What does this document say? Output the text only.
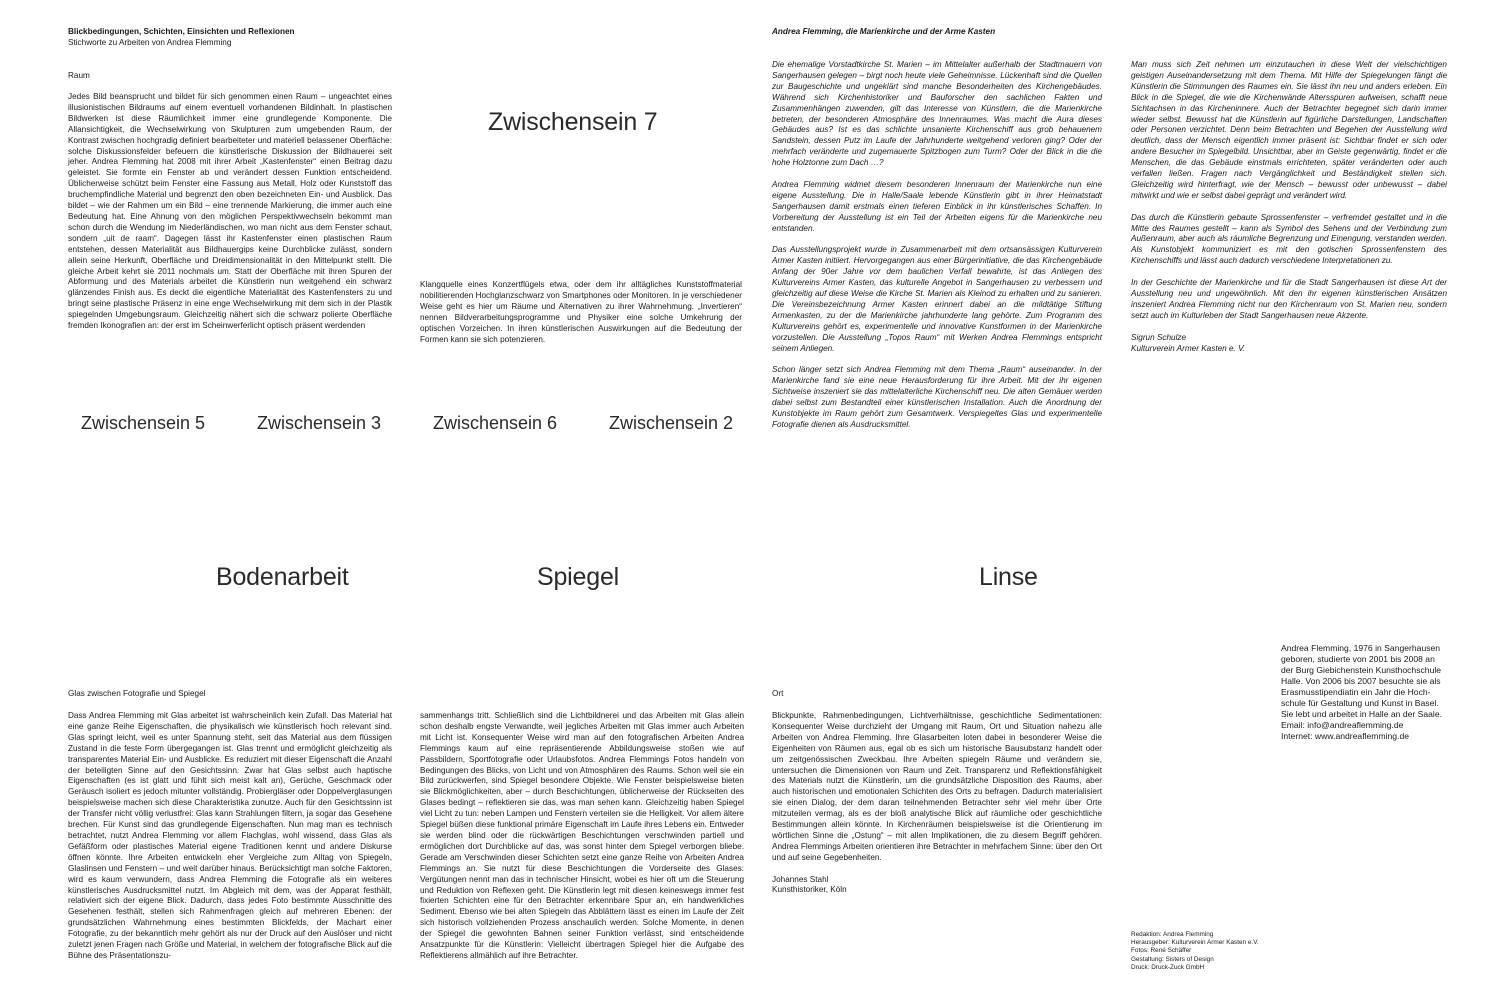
Blickbedingungen, Schichten, Einsichten und Reflexionen
Stichworte zu Arbeiten von Andrea Flemming
Raum
Jedes Bild beansprucht und bildet für sich genommen einen Raum – ungeachtet eines illusionistischen Bildraums auf einem eventuell vorhandenen Bildinhalt. In plastischen Bildwerken ist diese Räumlichkeit immer eine grundlegende Komponente. Die Allansichtigkeit, die Wechselwirkung von Skulpturen zum umgebenden Raum, der Kontrast zwischen hochgradig definiert bearbeiteter und materiell belassener Oberfläche: solche Diskussionsfelder befeuern die künstlerische Diskussion der Bildhauerei seit jeher. Andrea Flemming hat 2008 mit ihrer Arbeit „Kastenfenster“ einen Beitrag dazu geleistet. Sie formte ein Fenster ab und verändert dessen Funktion entscheidend. Üblicherweise schützt beim Fenster eine Fassung aus Metall, Holz oder Kunststoff das bruchempfindliche Material und begrenzt den oben bezeichneten Ein- und Ausblick. Das bildet – wie der Rahmen um ein Bild – eine trennende Markierung, die immer auch eine Bedeutung hat. Eine Ahnung von den möglichen Perspektivwechseln bekommt man schon durch die Wendung im Niederländischen, wo man nicht aus dem Fenster schaut, sondern „uit de raam“. Dagegen lässt ihr Kastenfenster einen plastischen Raum entstehen, dessen Materialität aus Bildhauergips keine Durchblicke zulässt, sondern allein seine Herkunft, Oberfläche und Dreidimensionalität in den Mittelpunkt stellt. Die gleiche Arbeit kehrt sie 2011 nochmals um. Statt der Oberfläche mit ihren Spuren der Abformung und des Materials arbeitet die Künstlerin nun weitgehend ein schwarz glänzendes Finish aus. Es deckt die eigentliche Materialität des Kastenfensters zu und bringt seine plastische Präsenz in eine enge Wechselwirkung mit dem sich in der Plastik spiegelnden Umgebungsraum. Gleichzeitig nähert sich die schwarz polierte Oberfläche fremden Ikonografien an: der erst im Scheinwerferlicht optisch präsent werdenden
Zwischensein 7
Klangquelle eines Konzertflügels etwa, oder dem ihr alltägliches Kunststoffmaterial nobilitierenden Hochglanzschwarz von Smartphones oder Monitoren. In je verschiedener Weise geht es hier um Räume und Alternativen zu ihrer Wahrnehmung. „Invertieren“ nennen Bildverarbeitungsprogramme und Physiker eine solche Umkehrung der optischen Vorzeichen. In ihren künstlerischen Auswirkungen auf die Bedeutung der Formen kann sie sich potenzieren.
Zwischensein 5	Zwischensein 3	Zwischensein 6	Zwischensein 2
Andrea Flemming, die Marienkirche und der Arme Kasten

Die ehemalige Vorstadtkirche St. Marien – im Mittelalter außerhalb der Stadtmauern von Sangerhausen gelegen – birgt noch heute viele Geheimnisse. Lückenhaft sind die Quellen zur Baugeschichte und ungeklärt sind manche Besonderheiten des Kirchengebäudes. Während sich Kirchenhistoriker und Bauforscher den sachlichen Fakten und Zusammenhängen zuwenden, gilt das Interesse von Künstlern, die die Marienkirche betreten, der besonderen Atmosphäre des Innenraumes. Was macht die Aura dieses Gebäudes aus? Ist es das schlichte unsanierte Kirchenschiff aus grob behauenem Sandstein, dessen Putz im Laufe der Jahrhunderte weitgehend verloren ging? Oder der mehrfach veränderte und zugemauerte Spitzbogen zum Turm? Oder der Blick in die die hohe Holztonne zum Dach …?

Andrea Flemming widmet diesem besonderen Innenraum der Marienkirche nun eine eigene Ausstellung. Die in Halle/Saale lebende Künstlerin gibt in ihrer Heimatstadt Sangerhausen damit erstmals einen tieferen Einblick in ihr künstlerisches Schaffen. In Vorbereitung der Ausstellung ist ein Teil der Arbeiten eigens für die Marienkirche neu entstanden.

Das Ausstellungsprojekt wurde in Zusammenarbeit mit dem ortsansässigen Kulturverein Armer Kasten initiiert. Hervorgegangen aus einer Bürgerinitiative, die das Kirchengebäude Anfang der 90er Jahre vor dem baulichen Verfall bewahrte, ist das Anliegen des Kulturvereins Armer Kasten, das kulturelle Angebot in Sangerhausen zu verbessern und gleichzeitig auf diese Weise die Kirche St. Marien als Kleinod zu erhalten und zu sanieren. Die Vereinsbezeichnung Armer Kasten erinnert dabei an die mildtätige Stiftung Armenkasten, zu der die Marienkirche jahrhunderte lang gehörte. Zum Programm des Kulturvereins gehört es, experimentelle und innovative Kunstformen in der Marienkirche vorzustellen. Die Ausstellung „Topos Raum“ mit Werken Andrea Flemmings entspricht seinem Anliegen.

Schon länger setzt sich Andrea Flemming mit dem Thema „Raum“ auseinander. In der Marienkirche fand sie eine neue Herausforderung für ihre Arbeit. Mit der ihr eigenen Sichtweise inszeniert sie das mittelalterliche Kirchenschiff neu. Die alten Gemäuer werden dabei selbst zum Bestandteil einer künstlerischen Installation. Auch die Anordnung der Kunstobjekte im Raum gehört zum Gesamtwerk. Verspiegeltes Glas und experimentelle Fotografie dienen als Ausdrucksmittel.

Man muss sich Zeit nehmen um einzutauchen in diese Welt der vielschichtigen geistigen Auseinandersetzung mit dem Thema. Mit Hilfe der Spiegelungen fängt die Künstlerin die Stimmungen des Raumes ein. Sie lässt ihn neu und anders erleben. Ein Blick in die Spiegel, die wie die Kirchenwände Altersspuren aufweisen, schafft neue Sichtachsen in das Kircheninnere. Auch der Betrachter begegnet sich darin immer wieder selbst. Bewusst hat die Künstlerin auf figürliche Darstellungen, Landschaften oder Personen verzichtet. Denn beim Betrachten und Begehen der Ausstellung wird deutlich, dass der Mensch eigentlich immer präsent ist: Sichtbar findet er sich oder andere Besucher im Spiegelbild. Unsichtbar, aber im Geiste gegenwärtig, findet er die Menschen, die das Gebäude einstmals errichteten, später veränderten oder auch verfallen ließen. Fragen nach Vergänglichkeit und Beständigkeit stellen sich. Gleichzeitig wird hinterfragt, wie der Mensch – bewusst oder unbewusst – dabei mitwirkt und wie er selbst dabei geprägt und verändert wird.

Das durch die Künstlerin gebaute Sprossenfenster – verfremdet gestaltet und in die Mitte des Raumes gestellt – kann als Symbol des Sehens und der Verbindung zum Außenraum, aber auch als räumliche Begrenzung und Einengung, verstanden werden. Als Kunstobjekt kommuniziert es mit den gotischen Sprossenfenstern des Kirchenschiffs und lässt auch dadurch verschiedene Interpretationen zu.

In der Geschichte der Marienkirche und für die Stadt Sangerhausen ist diese Art der Ausstellung neu und ungewöhnlich. Mit den ihr eigenen künstlerischen Ansätzen inszeniert Andrea Flemming nicht nur den Kirchenraum von St. Marien neu, sondern setzt auch im Kulturleben der Stadt Sangerhausen neue Akzente.

Sigrun Schulze
Kulturverein Armer Kasten e. V.

Bodenarbeit	Spiegel	Linse
Andrea Flemming, 1976 in Sangerhausen
geboren, studierte von 2001 bis 2008 an
der Burg Giebichenstein Kunsthochschule
Halle. Von 2006 bis 2007 besuchte sie als
Erasmusstipendiatin ein Jahr die Hoch-
schule für Gestaltung und Kunst in Basel.
Sie lebt und arbeitet in Halle an der Saale.
Email: info@andreaflemming.de
Internet: www.andreaflemming.de
Glas zwischen Fotografie und Spiegel
Dass Andrea Flemming mit Glas arbeitet ist wahrscheinlich kein Zufall. Das Material hat eine ganze Reihe Eigenschaften, die physikalisch wie künstlerisch hoch relevant sind. Glas springt leicht, weil es unter Spannung steht, seit das Material aus dem flüssigen Zustand in die feste Form übergegangen ist. Glas trennt und ermöglicht gleichzeitig als transparentes Material Ein- und Ausblicke. Es reduziert mit dieser Eigenschaft die Anzahl der beteiligten Sinne auf den Gesichtssinn. Zwar hat Glas selbst auch haptische Eigenschaften (es ist glatt und fühlt sich meist kalt an), Gerüche, Geschmack oder Geräusch isoliert es jedoch mitunter vollständig. Probiergläser oder Doppelverglasungen beispielsweise machen sich diese Charakteristika zunutze. Auch für den Gesichtssinn ist der Transfer nicht völlig verlustfrei: Glas kann Strahlungen filtern, ja sogar das Gesehene brechen. Für Kunst sind das grundlegende Eigenschaften. Nun mag man es technisch betrachtet, nutzt Andrea Flemming vor allem Flachglas, wohl wissend, dass Glas als Gefäßform oder plastisches Material eigene Traditionen kennt und andere Diskurse öffnen könnte. Ihre Arbeiten entwickeln eher Vergleiche zum Alltag von Spiegeln, Glaslinsen und Fenstern – und weit darüber hinaus. Berücksichtigt man solche Faktoren, wird es kaum verwundern, dass Andrea Flemming die Fotografie als ein weiteres künstlerisches Ausdrucksmittel nutzt. Im Abgleich mit dem, was der Apparat festhält, relativiert sich der eigene Blick. Dadurch, dass jedes Foto bestimmte Ausschnitte des Gesehenen festhält, stellen sich Rahmenfragen gleich auf mehreren Ebenen: der grundsätzlichen Wahrnehmung eines bestimmten Blickfelds, der Machart einer Fotografie, zu der bekanntlich mehr gehört als nur der Druck auf den Auslöser und nicht zuletzt jenen Fragen nach Größe und Material, in welchem der fotografische Blick auf die Bühne des Präsentationszu-
sammenhangs tritt. Schließlich sind die Lichtbildnerei und das Arbeiten mit Glas allein schon deshalb engste Verwandte, weil jegliches Arbeiten mit Glas immer auch Arbeiten mit Licht ist. Konsequenter Weise wird man auf den fotografischen Arbeiten Andrea Flemmings kaum auf eine repräsentierende Abbildungsweise stoßen wie auf Passbildern, Sportfotografie oder Urlaubsfotos. Andrea Flemmings Fotos handeln von Bedingungen des Blicks, von Licht und von Atmosphären des Raums. Schon weil sie ein Bild zurückwerfen, sind Spiegel besondere Objekte. Wie Fenster beispielsweise bieten sie Blickmöglichkeiten, aber – durch Beschichtungen, üblicherweise der Rückseiten des Glases bedingt – reflektieren sie das, was man sehen kann. Gleichzeitig haben Spiegel viel Licht zu tun: neben Lampen und Fenstern verteilen sie die Helligkeit. Vor allem ältere Spiegel büßen diese funktional primäre Eigenschaft im Laufe ihres Lebens ein. Entweder sie werden blind oder die rückwärtigen Beschichtungen verschwinden partiell und ermöglichen dort Durchblicke auf das, was sonst hinter dem Spiegel verborgen bliebe. Gerade am Verschwinden dieser Schichten setzt eine ganze Reihe von Arbeiten Andrea Flemmings an. Sie nutzt für diese Beschichtungen die Vorderseite des Glases: Vergütungen nennt man das in technischer Hinsicht, wobei es hier oft um die Steuerung und Reduktion von Reflexen geht. Die Künstlerin legt mit diesen keineswegs immer fest fixierten Schichten eine für den Betrachter erkennbare Spur an, ein handwerkliches Sediment. Ebenso wie bei alten Spiegeln das Abblättern lässt es einen im Laufe der Zeit sich historisch vollziehenden Prozess anschaulich werden. Solche Momente, in denen der Spiegel die gewohnten Bahnen seiner Funktion verlässt, sind entscheidende Ansatzpunkte für die Künstlerin: Vielleicht übertragen Spiegel hier die Aufgabe des Reflektierens allmählich auf ihre Betrachter.
Ort

Blickpunkte, Rahmenbedingungen, Lichtverhältnisse, geschichtliche Sedimentationen: Konsequenter Weise durchzieht der Umgang mit Raum, Ort und Situation nahezu alle Arbeiten von Andrea Flemming. Ihre Glasarbeiten loten dabei in besonderer Weise die Eigenheiten von Räumen aus, egal ob es sich um historische Bausubstanz handelt oder um zeitgenössischen Zweckbau. Ihre Arbeiten spiegeln Räume und verändern sie, untersuchen die Dimensionen von Raum und Zeit. Transparenz und Reflektionsfähigkeit des Materials nutzt die Künstlerin, um die grundsätzliche Disposition des Raums, aber auch historischen und emotionalen Schichten des Orts zu befragen. Dadurch materialisiert sie einen Dialog, der dem daran teilnehmenden Betrachter sehr viel mehr über Orte mitzuteilen vermag, als es der bloß analytische Blick auf räumliche oder geschichtliche Bestimmungen allein könnte. In Kirchenräumen beispielsweise ist die Orientierung im wörtlichen Sinne die „Ostung“ – mit allen Implikationen, die zu diesem Begriff gehören. Andrea Flemmings Arbeiten orientieren ihre Betrachter in mehrfachem Sinne: über den Ort und auf seine Gegebenheiten.

Johannes Stahl
Kunsthistoriker, Köln

Redaktion: Andrea Flemming
Herausgeber: Kulturverein Armer Kasten e.V.
Fotos: René Schäffer
Gestaltung: Sisters of Design
Druck: Druck-Zuck GmbH
